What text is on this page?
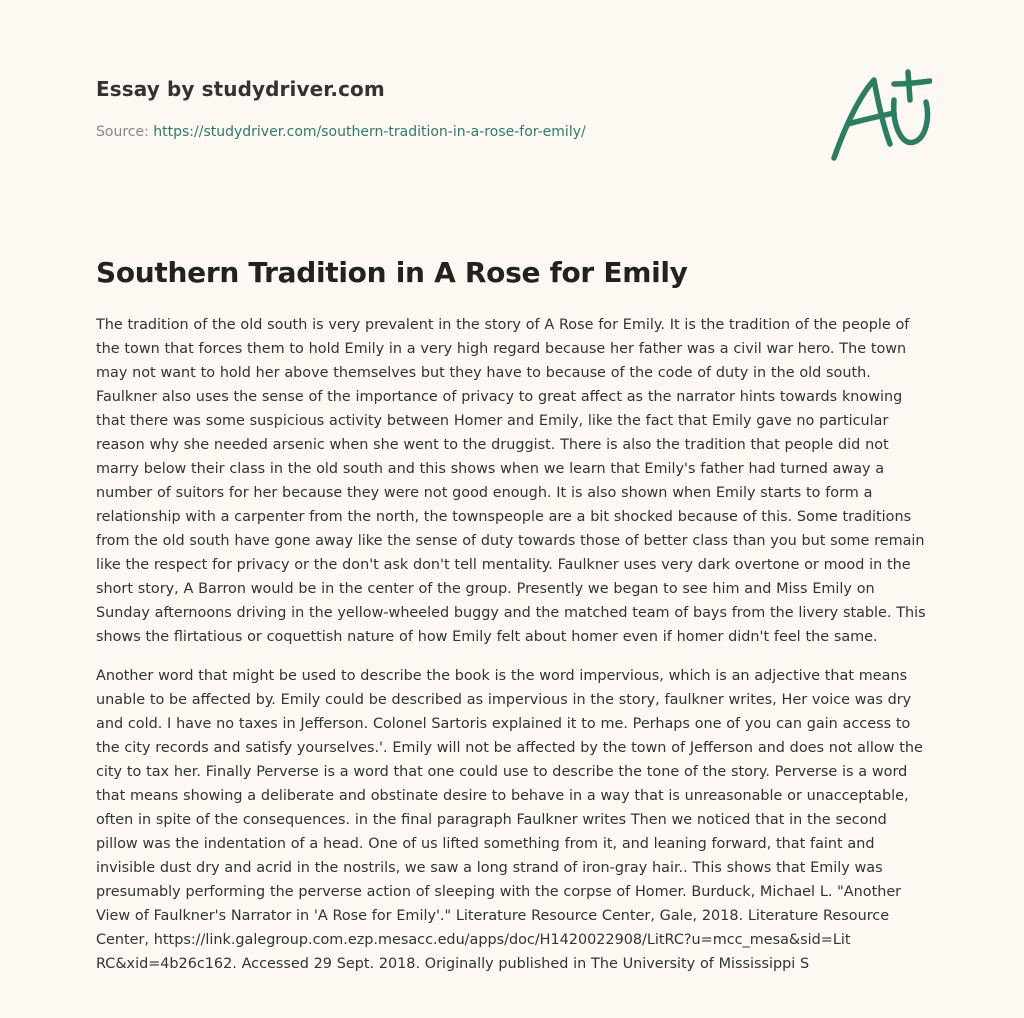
Essay by studydriver.com
Source: https://studydriver.com/southern-tradition-in-a-rose-for-emily/
Southern Tradition in A Rose for Emily

The tradition of the old south is very prevalent in the story of A Rose for Emily. It is the tradition of the people of the town that forces them to hold Emily in a very high regard because her father was a civil war hero. The town may not want to hold her above themselves but they have to because of the code of duty in the old south. Faulkner also uses the sense of the importance of privacy to great affect as the narrator hints towards knowing that there was some suspicious activity between Homer and Emily, like the fact that Emily gave no particular reason why she needed arsenic when she went to the druggist. There is also the tradition that people did not marry below their class in the old south and this shows when we learn that Emily's father had turned away a number of suitors for her because they were not good enough. It is also shown when Emily starts to form a relationship with a carpenter from the north, the townspeople are a bit shocked because of this. Some traditions from the old south have gone away like the sense of duty towards those of better class than you but some remain like the respect for privacy or the don't ask don't tell mentality. Faulkner uses very dark overtone or mood in the short story, A Barron would be in the center of the group. Presently we began to see him and Miss Emily on Sunday afternoons driving in the yellow-wheeled buggy and the matched team of bays from the livery stable. This shows the flirtatious or coquettish nature of how Emily felt about homer even if homer didn't feel the same.

Another word that might be used to describe the book is the word impervious, which is an adjective that means unable to be affected by. Emily could be described as impervious in the story, faulkner writes, Her voice was dry and cold. I have no taxes in Jefferson. Colonel Sartoris explained it to me. Perhaps one of you can gain access to the city records and satisfy yourselves.'. Emily will not be affected by the town of Jefferson and does not allow the city to tax her. Finally Perverse is a word that one could use to describe the tone of the story. Perverse is a word that means showing a deliberate and obstinate desire to behave in a way that is unreasonable or unacceptable, often in spite of the consequences. in the final paragraph Faulkner writes Then we noticed that in the second pillow was the indentation of a head. One of us lifted something from it, and leaning forward, that faint and invisible dust dry and acrid in the nostrils, we saw a long strand of iron-gray hair.. This shows that Emily was presumably performing the perverse action of sleeping with the corpse of Homer. Burduck, Michael L. "Another View of Faulkner's Narrator in 'A Rose for Emily'." Literature Resource Center, Gale, 2018. Literature Resource Center, https://link.galegroup.com.ezp.mesacc.edu/apps/doc/H1420022908/LitRC?u=mcc_mesa&sid=Lit RC&xid=4b26c162. Accessed 29 Sept. 2018. Originally published in The University of Mississippi S
